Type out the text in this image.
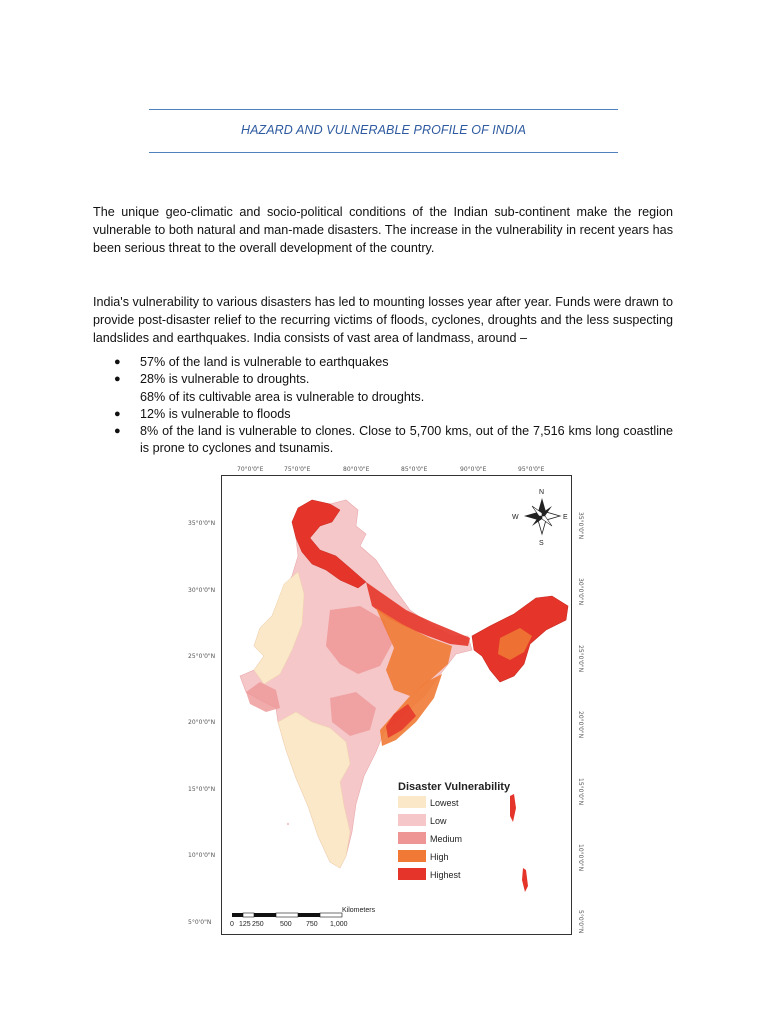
HAZARD AND VULNERABLE PROFILE OF INDIA

The unique geo-climatic and socio-political conditions of the Indian sub-continent make the region vulnerable to both natural and man-made disasters. The increase in the vulnerability in recent years has been serious threat to the overall development of the country.

India's vulnerability to various disasters has led to mounting losses year after year. Funds were drawn to provide post-disaster relief to the recurring victims of floods, cyclones, droughts and the less suspecting landslides and earthquakes. India consists of vast area of landmass, around –

● 57% of the land is vulnerable to earthquakes
● 28% is vulnerable to droughts.
68% of its cultivable area is vulnerable to droughts.
● 12% is vulnerable to floods
● 8% of the land is vulnerable to clones. Close to 5,700 kms, out of the 7,516 kms long coastline is prone to cyclones and tsunamis.
70°0'0"E	75°0'0"E	80°0'0"E	85°0'0"E	90°0'0"E	95°0'0"E
35°0'0"N
30°0'0"N
25°0'0"N
20°0'0"N
15°0'0"N
10°0'0"N
5°0'0"N
35°0'0"N
30°0'0"N
25°0'0"N
20°0'0"N
15°0'0"N
10°0'0"N
5°0'0"N
N
S
E
W
Disaster Vulnerability
Lowest
Low
Medium
High
Highest
Kilometers
0 125 250 500 750 1,000
